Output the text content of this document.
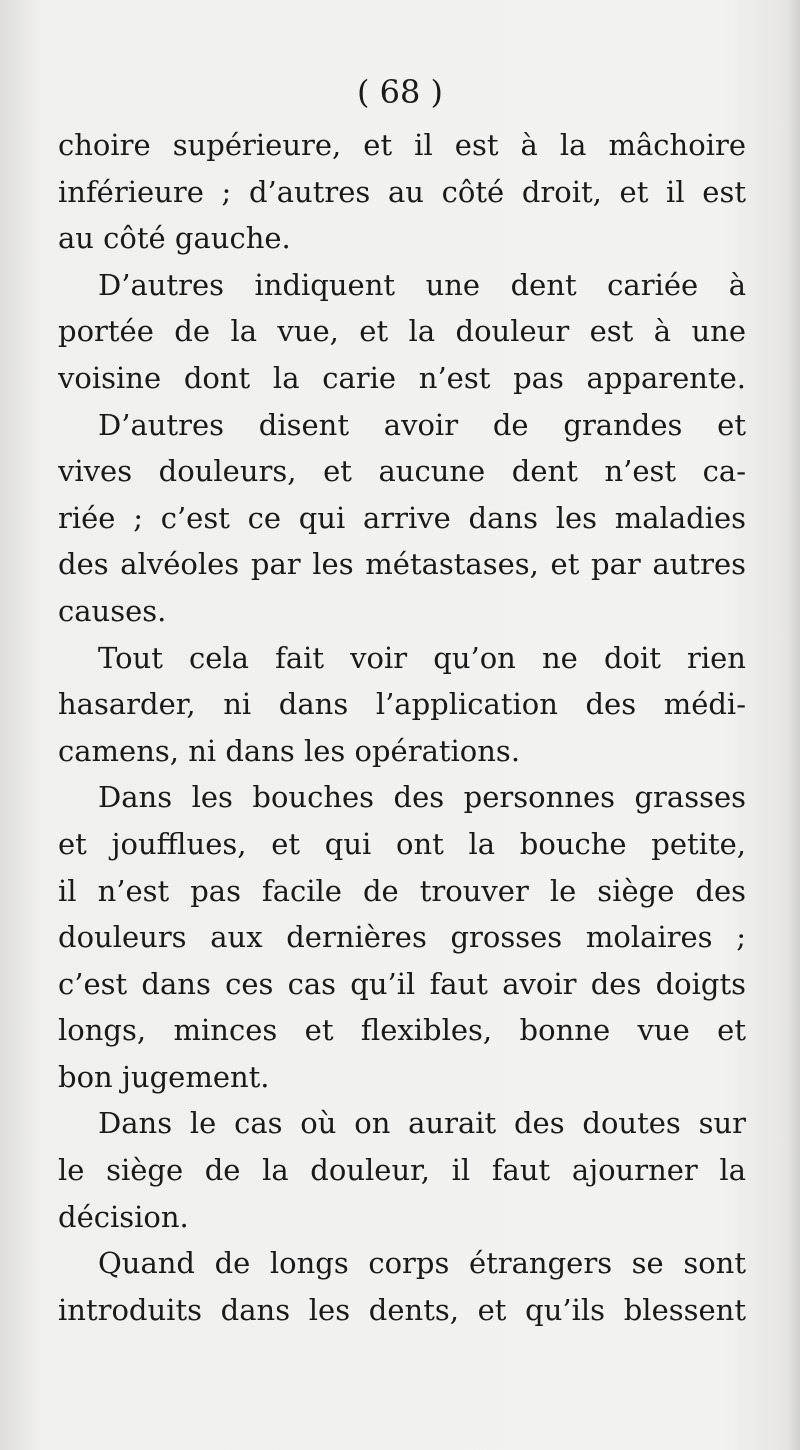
( 68 )
choire supérieure, et il est à la mâchoire
inférieure ; d’autres au côté droit, et il est
au côté gauche.
D’autres indiquent une dent cariée à
portée de la vue, et la douleur est à une
voisine dont la carie n’est pas apparente.
D’autres disent avoir de grandes et
vives douleurs, et aucune dent n’est ca-
riée ; c’est ce qui arrive dans les maladies
des alvéoles par les métastases, et par autres
causes.
Tout cela fait voir qu’on ne doit rien
hasarder, ni dans l’application des médi-
camens, ni dans les opérations.
Dans les bouches des personnes grasses
et joufflues, et qui ont la bouche petite,
il n’est pas facile de trouver le siège des
douleurs aux dernières grosses molaires ;
c’est dans ces cas qu’il faut avoir des doigts
longs, minces et flexibles, bonne vue et
bon jugement.
Dans le cas où on aurait des doutes sur
le siège de la douleur, il faut ajourner la
décision.
Quand de longs corps étrangers se sont
introduits dans les dents, et qu’ils blessent
